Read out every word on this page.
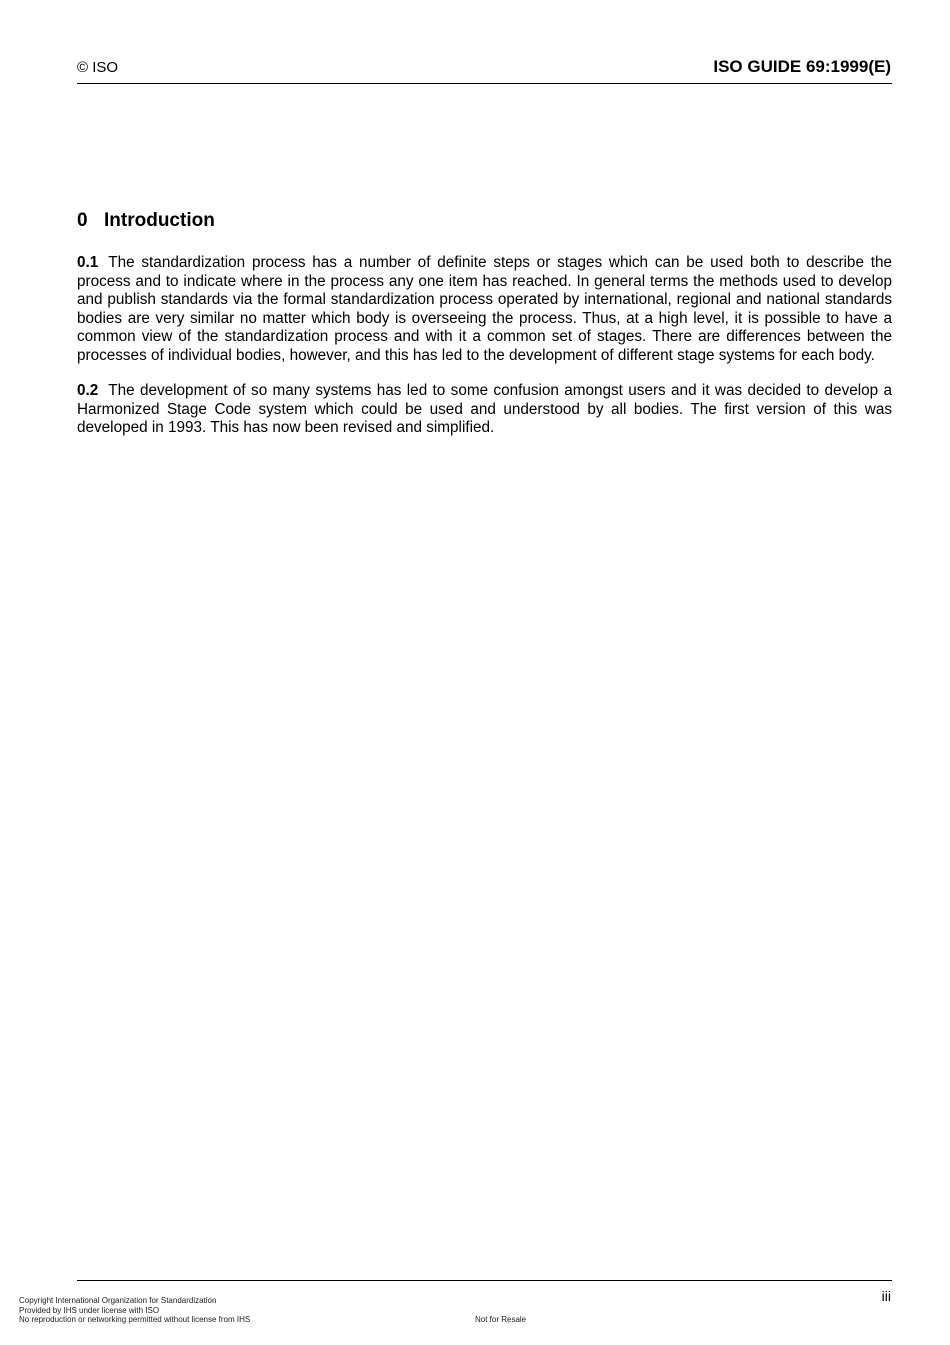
© ISO	ISO GUIDE 69:1999(E)
0 Introduction

0.1 The standardization process has a number of definite steps or stages which can be used both to describe the process and to indicate where in the process any one item has reached. In general terms the methods used to develop and publish standards via the formal standardization process operated by international, regional and national standards bodies are very similar no matter which body is overseeing the process. Thus, at a high level, it is possible to have a common view of the standardization process and with it a common set of stages. There are differences between the processes of individual bodies, however, and this has led to the development of different stage systems for each body.

0.2 The development of so many systems has led to some confusion amongst users and it was decided to develop a Harmonized Stage Code system which could be used and understood by all bodies. The first version of this was developed in 1993. This has now been revised and simplified.

iii
Copyright International Organization for Standardization
Provided by IHS under license with ISO
No reproduction or networking permitted without license from IHS	Not for Resale
